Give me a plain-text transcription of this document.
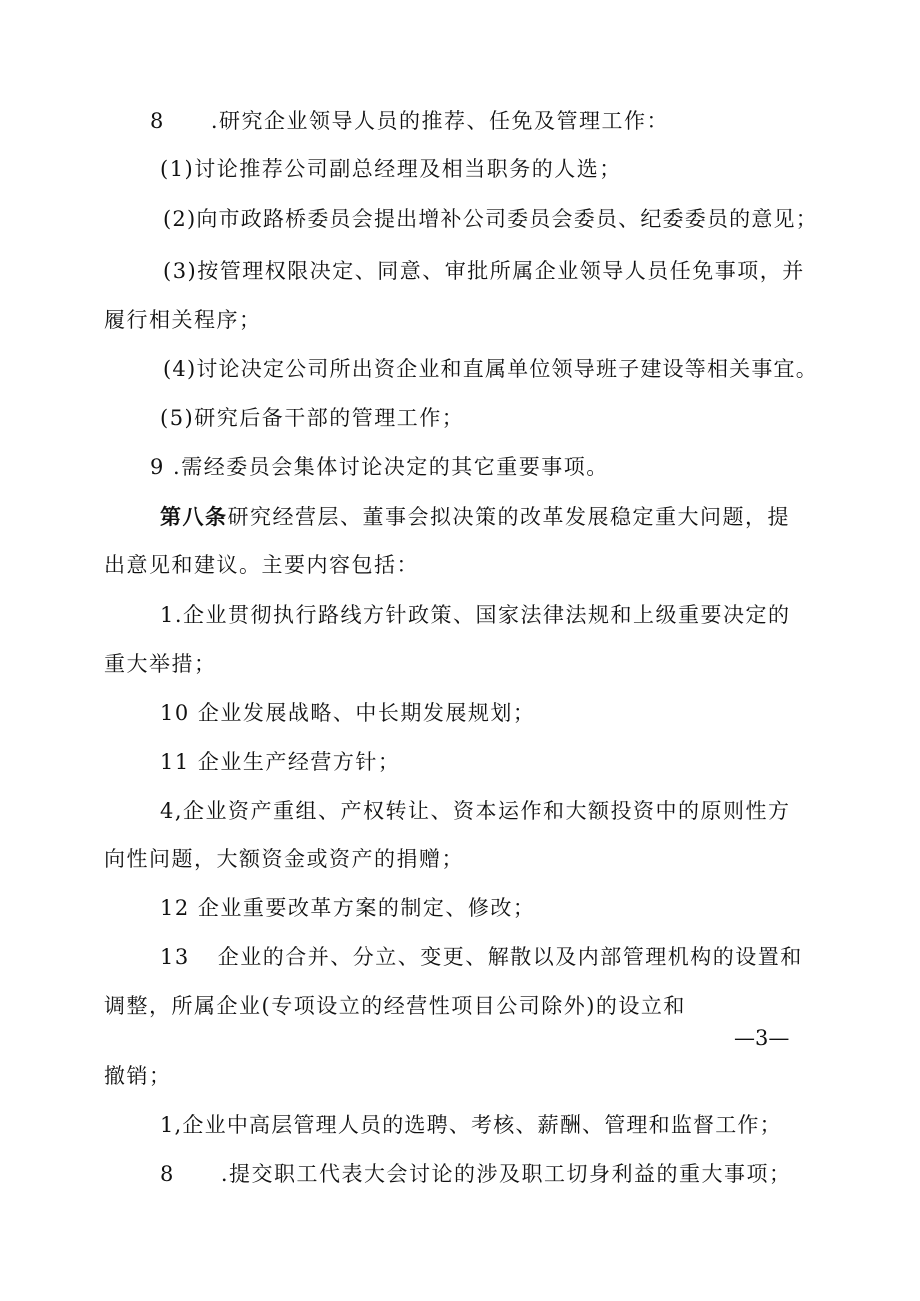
8 .研究企业领导人员的推荐、任免及管理工作：
(1)讨论推荐公司副总经理及相当职务的人选；
(2)向市政路桥委员会提出增补公司委员会委员、纪委委员的意见；
(3)按管理权限决定、同意、审批所属企业领导人员任免事项，并
履行相关程序；
(4)讨论决定公司所出资企业和直属单位领导班子建设等相关事宜。
(5)研究后备干部的管理工作；
9 .需经委员会集体讨论决定的其它重要事项。
第八条研究经营层、董事会拟决策的改革发展稳定重大问题，提
出意见和建议。主要内容包括：
1.企业贯彻执行路线方针政策、国家法律法规和上级重要决定的
重大举措；
10 企业发展战略、中长期发展规划；
11 企业生产经营方针；
4,企业资产重组、产权转让、资本运作和大额投资中的原则性方
向性问题，大额资金或资产的捐赠；
12 企业重要改革方案的制定、修改；
13 企业的合并、分立、变更、解散以及内部管理机构的设置和
调整，所属企业(专项设立的经营性项目公司除外)的设立和
—3—
撤销；
1,企业中高层管理人员的选聘、考核、薪酬、管理和监督工作；
8 .提交职工代表大会讨论的涉及职工切身利益的重大事项；
